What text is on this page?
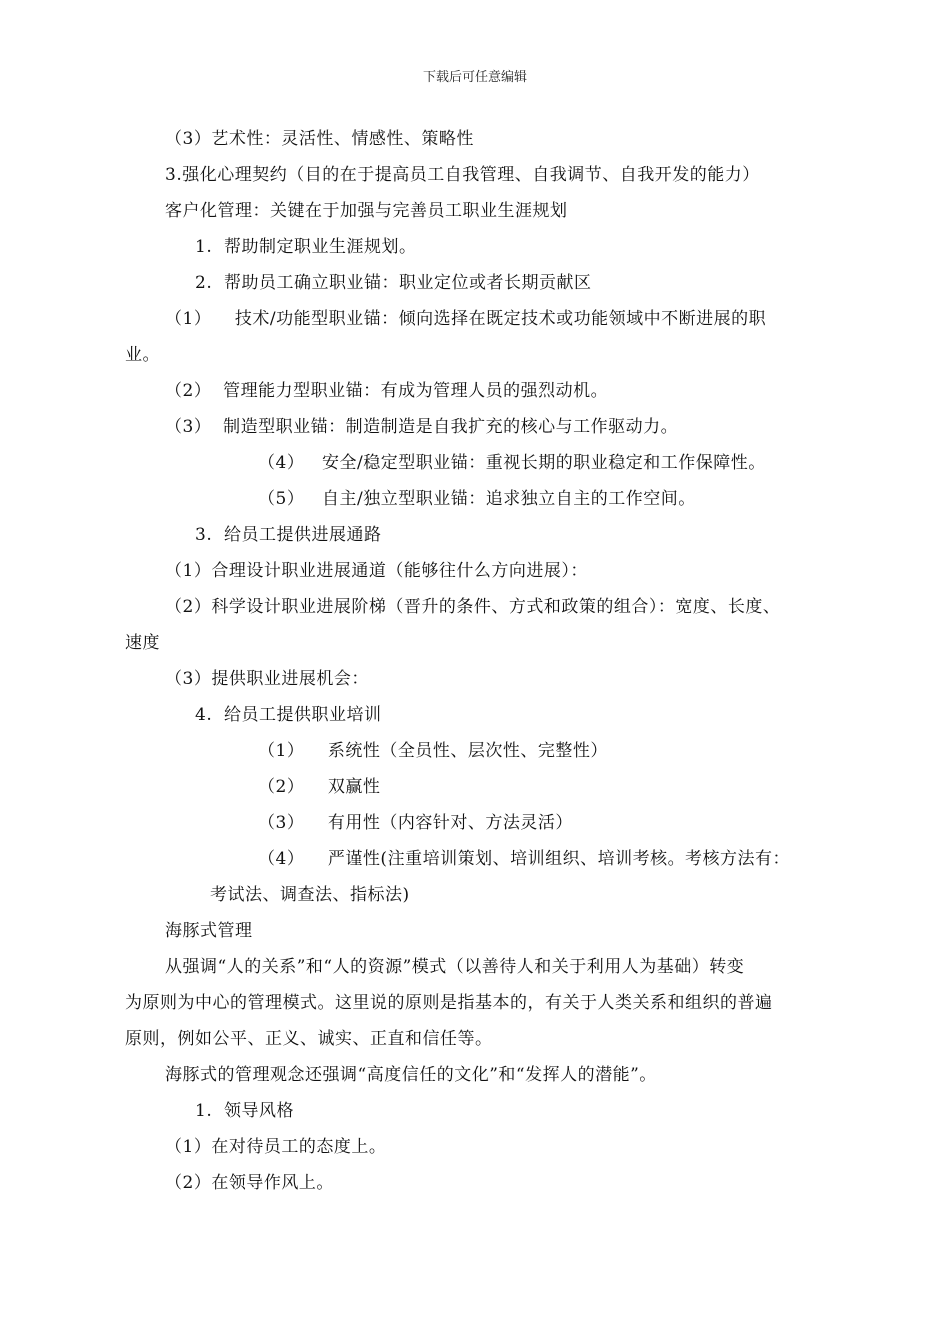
下载后可任意编辑
（3）艺术性：灵活性、情感性、策略性
3.强化心理契约（目的在于提高员工自我管理、自我调节、自我开发的能力）
客户化管理：关键在于加强与完善员工职业生涯规划
1.  帮助制定职业生涯规划。
2.  帮助员工确立职业锚：职业定位或者长期贡献区
（1）    技术/功能型职业锚：倾向选择在既定技术或功能领域中不断进展的职
业。
（2）  管理能力型职业锚：有成为管理人员的强烈动机。
（3）  制造型职业锚：制造制造是自我扩充的核心与工作驱动力。
（4）   安全/稳定型职业锚：重视长期的职业稳定和工作保障性。
（5）   自主/独立型职业锚：追求独立自主的工作空间。
3.  给员工提供进展通路
（1）合理设计职业进展通道（能够往什么方向进展）：
（2）科学设计职业进展阶梯（晋升的条件、方式和政策的组合）：宽度、长度、
速度
（3）提供职业进展机会：
4.  给员工提供职业培训
（1）    系统性（全员性、层次性、完整性）
（2）    双赢性
（3）    有用性（内容针对、方法灵活）
（4）    严谨性(注重培训策划、培训组织、培训考核。考核方法有：
考试法、调查法、指标法)
海豚式管理
从强调“人的关系”和“人的资源”模式（以善待人和关于利用人为基础）转变
为原则为中心的管理模式。这里说的原则是指基本的，有关于人类关系和组织的普遍
原则，例如公平、正义、诚实、正直和信任等。
海豚式的管理观念还强调“高度信任的文化”和“发挥人的潜能”。
1.  领导风格
（1）在对待员工的态度上。
（2）在领导作风上。
